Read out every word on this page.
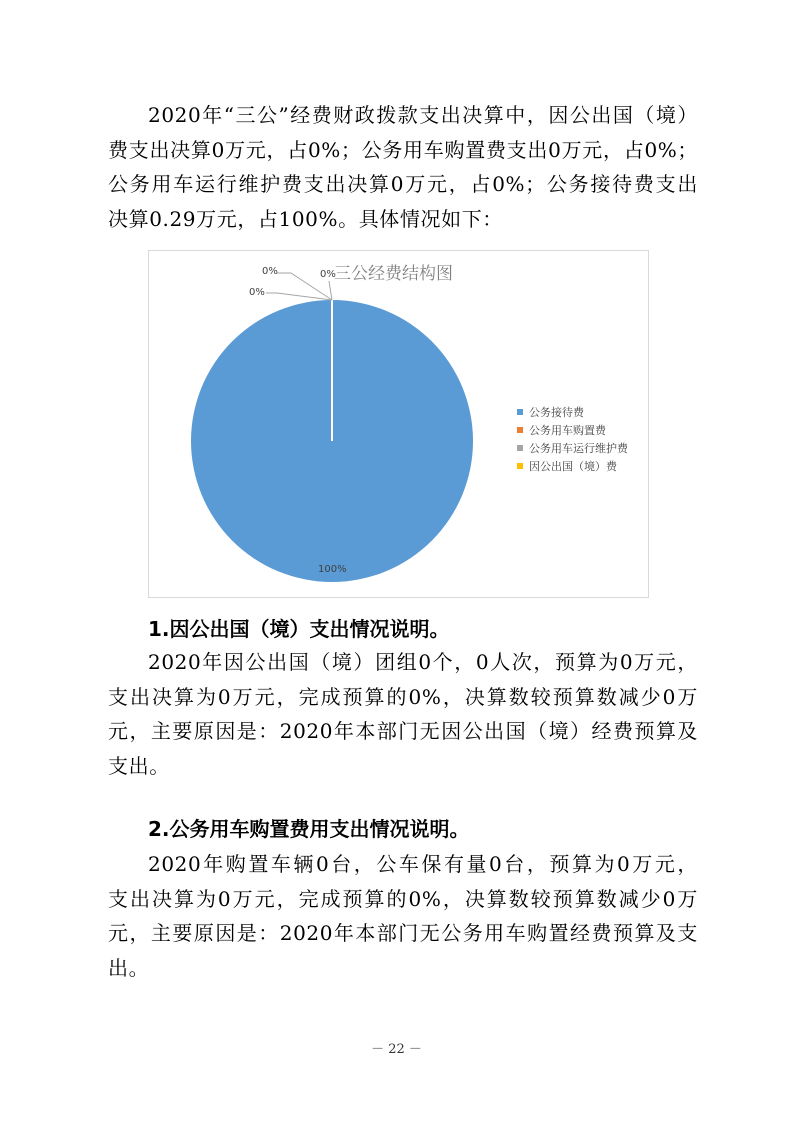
2020年“三公”经费财政拨款支出决算中，因公出国（境）
费支出决算0万元，占0%；公务用车购置费支出0万元，占0%；
公务用车运行维护费支出决算0万元，占0%；公务接待费支出
决算0.29万元，占100%。具体情况如下：
三公经费结构图
100%
0%
0%
0%
公务接待费
公务用车购置费
公务用车运行维护费
因公出国（境）费
1.因公出国（境）支出情况说明。
2020年因公出国（境）团组0个，0人次，预算为0万元，
支出决算为0万元，完成预算的0%，决算数较预算数减少0万
元，主要原因是：2020年本部门无因公出国（境）经费预算及
支出。
2.公务用车购置费用支出情况说明。
2020年购置车辆0台，公车保有量0台，预算为0万元，
支出决算为0万元，完成预算的0%，决算数较预算数减少0万
元，主要原因是：2020年本部门无公务用车购置经费预算及支
出。
－ 22 －
